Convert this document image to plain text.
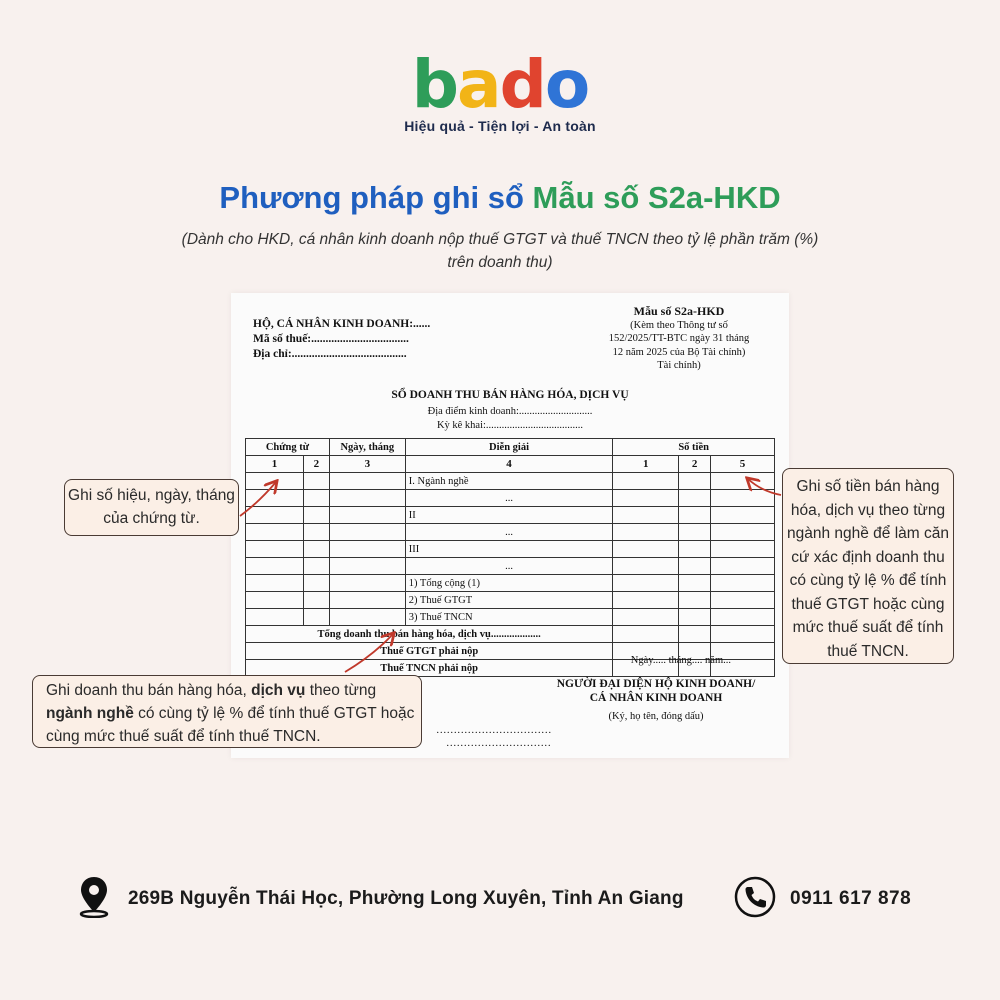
bado
Hiệu quả - Tiện lợi - An toàn
Phương pháp ghi sổ Mẫu số S2a-HKD
(Dành cho HKD, cá nhân kinh doanh nộp thuế GTGT và thuế TNCN theo tỷ lệ phần trăm (%) trên doanh thu)
HỘ, CÁ NHÂN KINH DOANH:......
Mã số thuế:..................................
Địa chỉ:........................................
Mẫu số S2a-HKD
(Kèm theo Thông tư số
152/2025/TT-BTC ngày 31 tháng
12 năm 2025 của Bộ Tài chính)
Tài chính)
SỔ DOANH THU BÁN HÀNG HÓA, DỊCH VỤ
Địa điểm kinh doanh:............................
Kỳ kê khai:.....................................
Chứng từ		Ngày, tháng	Diễn giải	Số tiền		
1	2	3	4	1	2	5
			I. Ngành nghề			
			...			
			II			
			...			
			III			
			...			
			1) Tổng cộng (1)			
			2) Thuế GTGT			
			3) Thuế TNCN			
Tổng doanh thu bán hàng hóa, dịch vụ...................						
Thuế GTGT phải nộp						
Thuế TNCN phải nộp						
Ngày..... tháng.... năm...
NGƯỜI ĐẠI DIỆN HỘ KINH DOANH/
CÁ NHÂN KINH DOANH
(Ký, họ tên, đóng dấu)
……………………………
…………………………
Ghi số hiệu, ngày, tháng của chứng từ.
Ghi số tiền bán hàng hóa, dịch vụ theo từng ngành nghề để làm căn cứ xác định doanh thu có cùng tỷ lệ % để tính thuế GTGT hoặc cùng mức thuế suất để tính thuế TNCN.
Ghi doanh thu bán hàng hóa, dịch vụ theo từng ngành nghề có cùng tỷ lệ % để tính thuế GTGT hoặc cùng mức thuế suất để tính thuế TNCN.
269B Nguyễn Thái Học, Phường Long Xuyên, Tỉnh An Giang	0911 617 878
